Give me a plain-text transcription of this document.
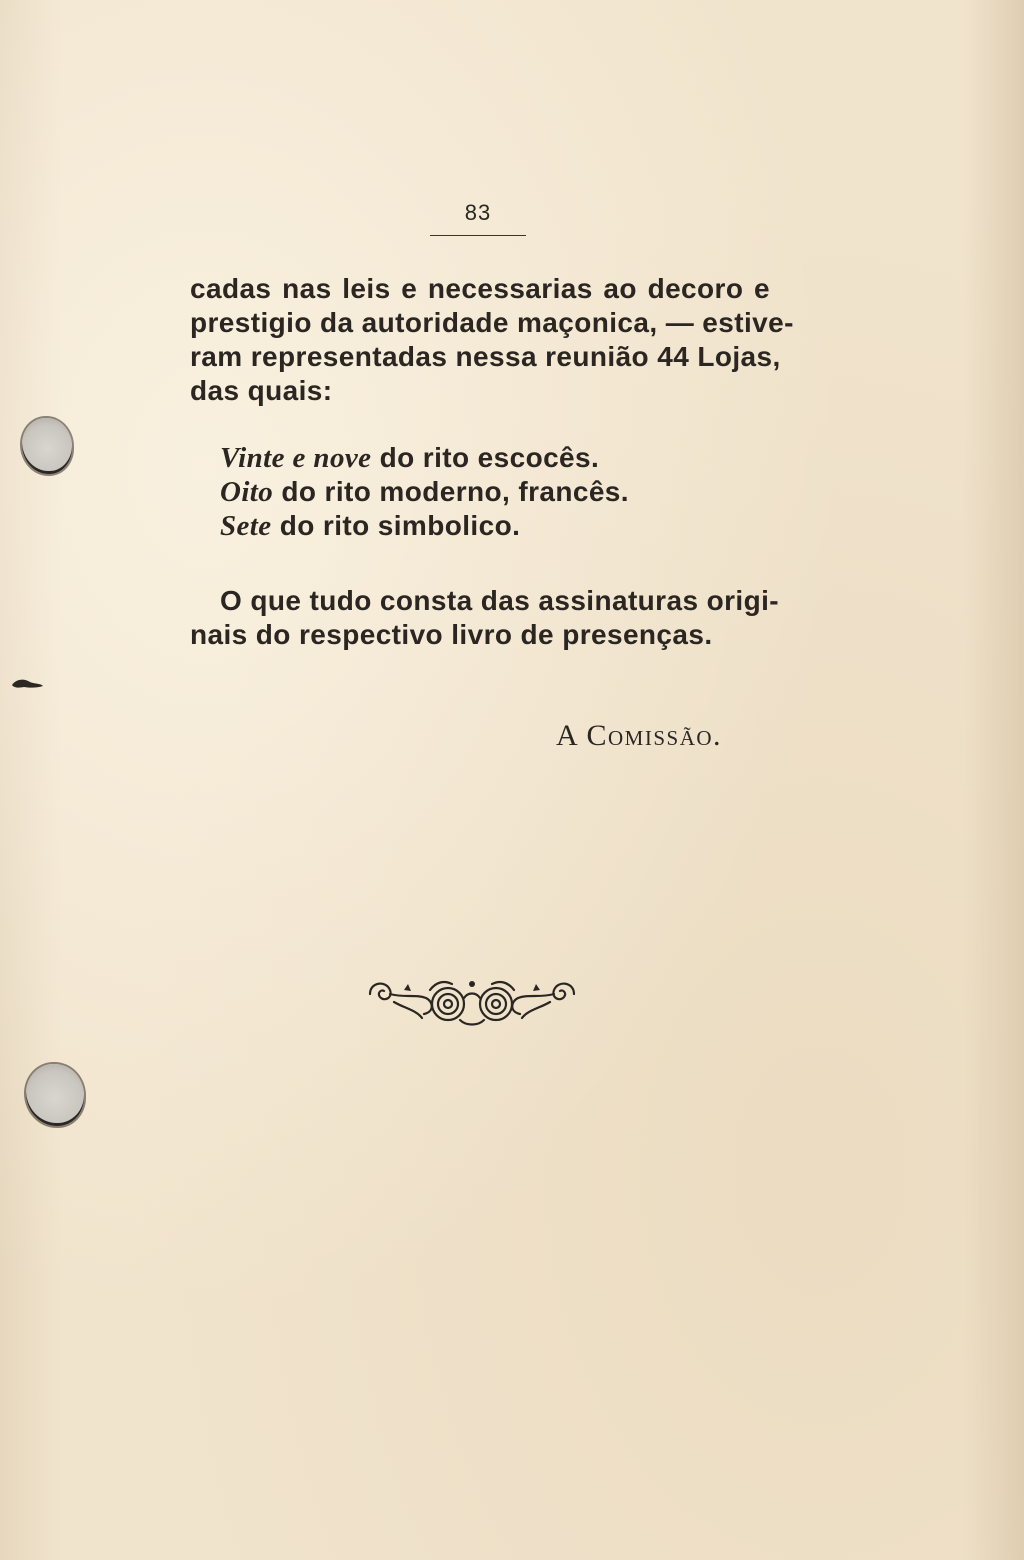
83
cadas nas leis e necessarias ao decoro e
prestigio da autoridade maçonica, — estive-
ram representadas nessa reunião 44 Lojas,
das quais:
Vinte e nove do rito escocês.
Oito do rito moderno, francês.
Sete do rito simbolico.
O que tudo consta das assinaturas origi-
nais do respectivo livro de presenças.
A Comissão.
